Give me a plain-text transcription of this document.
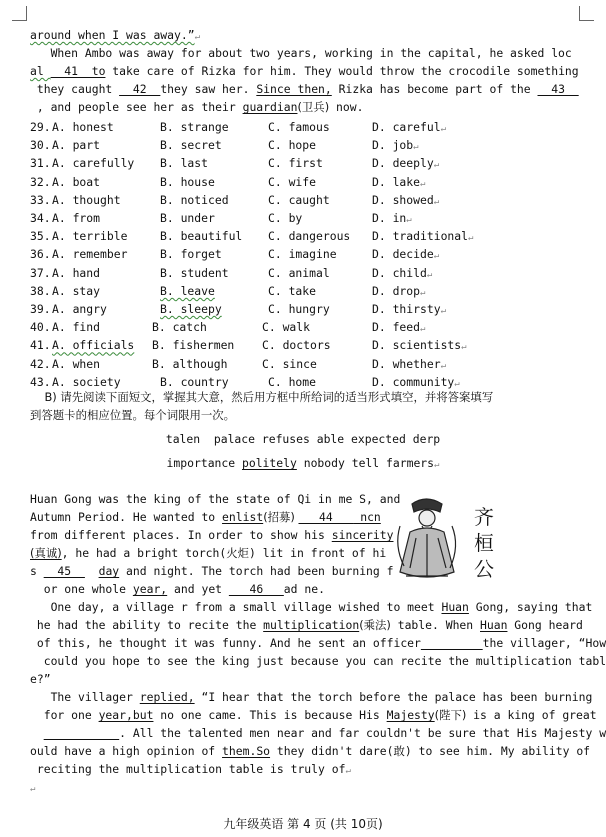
around when I was away.”↵
When Ambo was away for about two years, working in the capital, he asked loc
al __41__to take care of Rizka for him. They would throw the crocodile something
they caught __42__they saw her. Since then, Rizka has become part of the __43__
, and people see her as their guardian(卫兵) now.
29. A. honest	B. strange	C. famous	D. careful↵
30. A. part	B. secret	C. hope	D. job↵
31. A. carefully B. last	C. first	D. deeply↵
32. A. boat	B. house	C. wife	D. lake↵
33. A. thought	B. noticed	C. caught	D. showed↵
34. A. from	B. under	C. by	D. in↵
35. A. terrible	B. beautiful C. dangerous D. traditional↵
36. A. remember	B. forget	C. imagine	D. decide↵
37. A. hand	B. student	C. animal	D. child↵
38. A. stay	B. leave	C. take	D. drop↵
39. A. angry	B. sleepy	C. hungry	D. thirsty↵
40. A. find	B. catch	C. walk	D. feed↵
41. A. officials B. fishermen C. doctors	D. scientists↵
42. A. when	B. although	C. since	D. whether↵
43. A. society	B. country	C. home	D. community↵
B) 请先阅读下面短文，掌握其大意，然后用方框中所给词的适当形式填空，并将答案填写
到答题卡的相应位置。每个词限用一次。
talen  palace refuses able expected derp
importance politely nobody tell farmers↵
齐
桓
公
Huan Gong was the king of the state of Qi in me S, and
Autumn Period. He wanted to enlist(招募) ___44___ ncn
from different places. In order to show his sincerity
(真诚), he had a bright torch(火炬) lit in front of hi
s __45__ day and night. The torch had been burning f
or one whole year, and yet ___46___ad ne.
One day, a village r from a small village wished to meet Huan Gong, saying that
he had the ability to recite the multiplication(乘法) table. When Huan Gong heard
of this, he thought it was funny. And he sent an officer_________the villager, “How
could you hope to see the king just because you can recite the multiplication tabl
e?”
The villager replied, “I hear that the torch before the palace has been burning
for one year,but no one came. This is because His Majesty(陛下) is a king of great
___________. All the talented men near and far couldn't be sure that His Majesty w
ould have a high opinion of them.So they didn't dare(敢) to see him. My ability of
reciting the multiplication table is truly of↵
↵
九年级英语 第 4 页 (共 10页)
